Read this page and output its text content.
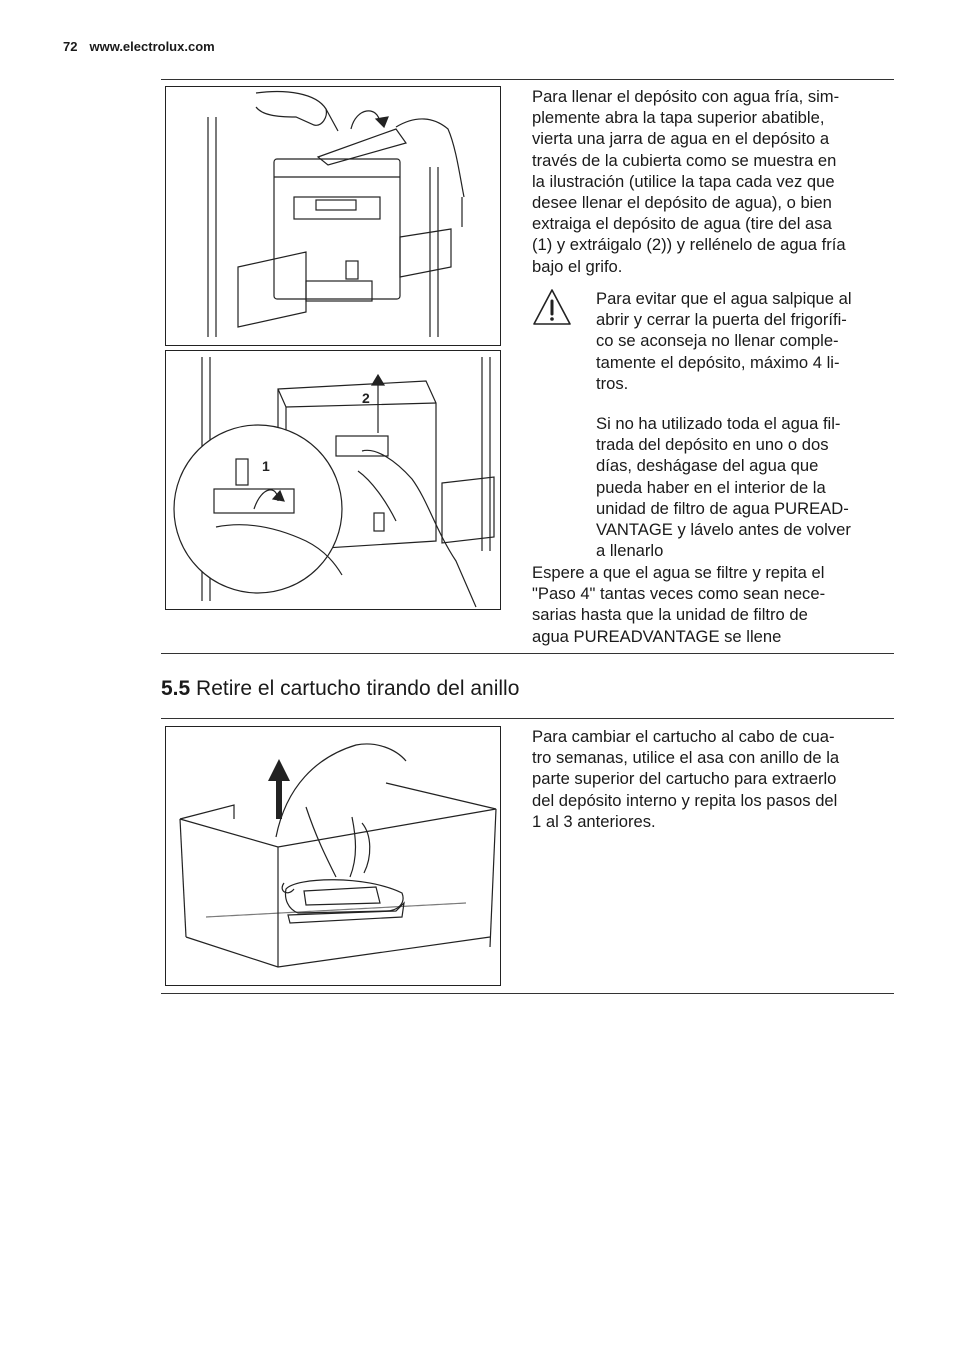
72 www.electrolux.com
2
1
Para llenar el depósito con agua fría, sim-
plemente abra la tapa superior abatible,
vierta una jarra de agua en el depósito a
través de la cubierta como se muestra en
la ilustración (utilice la tapa cada vez que
desee llenar el depósito de agua), o bien
extraiga el depósito de agua (tire del asa
(1) y extráigalo (2)) y rellénelo de agua fría
bajo el grifo.
Para evitar que el agua salpique al
abrir y cerrar la puerta del frigorífi-
co se aconseja no llenar comple-
tamente el depósito, máximo 4 li-
tros.
Si no ha utilizado toda el agua fil-
trada del depósito en uno o dos
días, deshágase del agua que
pueda haber en el interior de la
unidad de filtro de agua PUREAD-
VANTAGE y lávelo antes de volver
a llenarlo
Espere a que el agua se filtre y repita el
"Paso 4" tantas veces como sean nece-
sarias hasta que la unidad de filtro de
agua PUREADVANTAGE se llene
5.5 Retire el cartucho tirando del anillo
Para cambiar el cartucho al cabo de cua-
tro semanas, utilice el asa con anillo de la
parte superior del cartucho para extraerlo
del depósito interno y repita los pasos del
1 al 3 anteriores.
